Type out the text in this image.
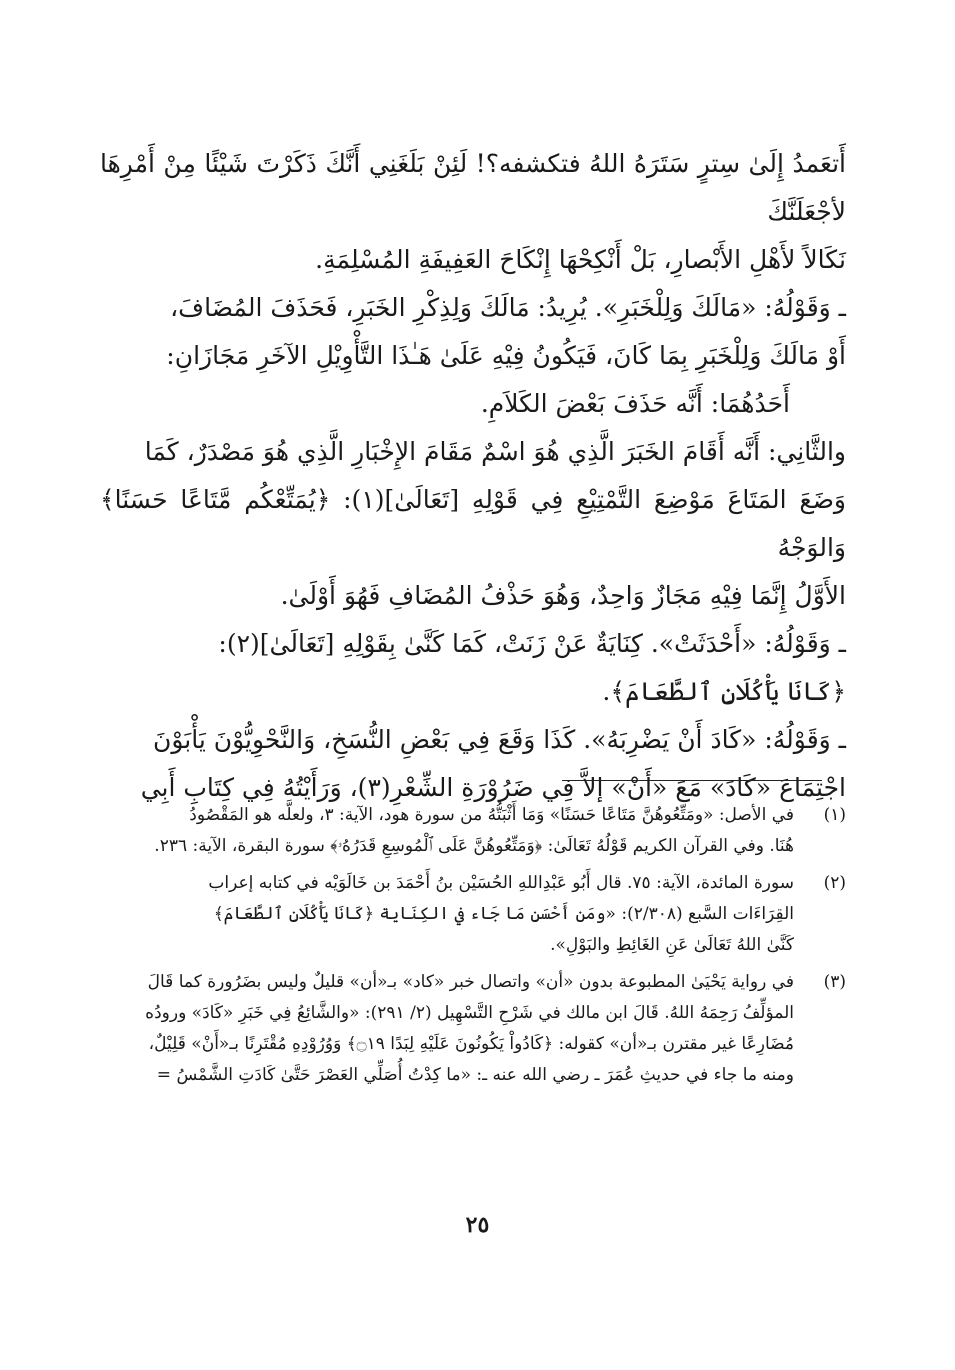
أَتعَمدُ إِلَىٰ سِترٍ سَتَرَهُ اللهُ فتكشفه؟! لَئِنْ بَلَغَنِي أَنَّكَ ذَكَرْتَ شَيْئًا مِنْ أَمْرِهَا لأجْعَلَنَّكَ

نَكَالاً لأَهْلِ الأَبْصارِ، بَلْ أَنْكِحْهَا إِنْكَاحَ العَفِيفَةِ المُسْلِمَةِ.

ـ وَقَوْلُهُ: «مَالَكَ وَلِلْخَبَرِ». يُرِيدُ: مَالَكَ وَلِذِكْرِ الخَبَرِ، فَحَذَفَ المُضَافَ،

أَوْ مَالَكَ وَلِلْخَبَرِ بِمَا كَانَ، فَيَكُونُ فِيْهِ عَلَىٰ هَـٰذَا التَّأْوِيْلِ الآخَرِ مَجَازَانِ:

أَحَدُهُمَا: أَنَّه حَذَفَ بَعْضَ الكَلاَمِ.

والثَّانِي: أَنَّه أَقَامَ الخَبَرَ الَّذِي هُوَ اسْمٌ مَقَامَ الإِخْبَارِ الَّذِي هُوَ مَصْدَرٌ، كَمَا

وَضَعَ المَتَاعَ مَوْضِعَ التَّمْتِيْعِ فِي قَوْلِهِ [تَعَالَىٰ](١): ﴿يُمَتِّعْكُم مَّتَاعًا حَسَنًا﴾ وَالوَجْهُ

الأَوَّلُ إِنَّمَا فِيْهِ مَجَازٌ وَاحِدٌ، وَهُوَ حَذْفُ المُضَافِ فَهُوَ أَوْلَىٰ.

ـ وَقَوْلُهُ: «أَحْدَثَتْ». كِنَايَةٌ عَنْ زَنَتْ، كَمَا كَنَّىٰ بِقَوْلِهِ [تَعَالَىٰ](٢):

﴿كَانَا يَأْكُلَانِ ٱلطَّعَامَ﴾.

ـ وَقَوْلُهُ: «كَادَ أَنْ يَضْرِبَهُ». كَذَا وَقَعَ فِي بَعْضِ النُّسَخِ، وَالنَّحْوِيُّوْنَ يَأْبَوْنَ

اجْتِمَاعَ «كَادَ» مَعَ «أَنْ» إلاَّ فِي ضَرُوْرَةِ الشِّعْرِ(٣)، وَرَأَيْتُهُ فِي كِتَابِ أَبِي

(١)

في الأصل: «ومَتِّعُوهُنَّ مَتَاعًا حَسَنًا» وَمَا أَثْبَتُّهُ من سورة هود، الآية: ٣، ولعلَّه هو المَقْصُودُ

هُنَا. وفي القرآن الكريم قَوْلُهُ تَعَالَىٰ: ﴿وَمَتِّعُوهُنَّ عَلَى ٱلْمُوسِعِ قَدَرُهُۥ﴾ سورة البقرة، الآية: ٢٣٦.

(٢)

سورة المائدة، الآية: ٧٥. قال أَبُو عَبْدِاللهِ الحُسَيْن بنُ أَحْمَدَ بن خَالَوَيْه في كتابه إعراب

القِرَاءَات السَّبع (٢/٣٠٨): «ومَن أَحْسَنِ مَا جَاء في الكِنَاية ﴿كَانَا يَأْكُلَانِ ٱلطَّعَامَ﴾

كَنَّىٰ اللهُ تَعَالَىٰ عَنِ الغَائِطِ والبَوْلِ».

(٣)

في رواية يَحْيَىٰ المطبوعة بدون «أن» واتصال خبر «كاد» بـ«أن» قليلٌ وليس بضَرُورة كما قَالَ

المؤلِّفُ رَحِمَهُ اللهُ. قَالَ ابن مالك في شَرْحِ التَّسْهِيل (٢/ ٢٩١): «والشَّائِعُ فِي خَبَرِ «كَادَ» ورودُه

مُضَارِعًا غير مقترن بـ«أن» كقوله: ﴿كَادُواْ يَكُونُونَ عَلَيْهِ لِبَدًا ۝١٩﴾ وَوُرُوْدِهِ مُقْتَرِنًا بـ«أَنْ» قَلِيْلٌ،

ومنه ما جاء في حديثِ عُمَرَ ـ رضي الله عنه ـ: «ما كِدْتُ أُصَلِّي العَصْرَ حَتَّىٰ كَادَتِ الشَّمْسُ =

٢٥
